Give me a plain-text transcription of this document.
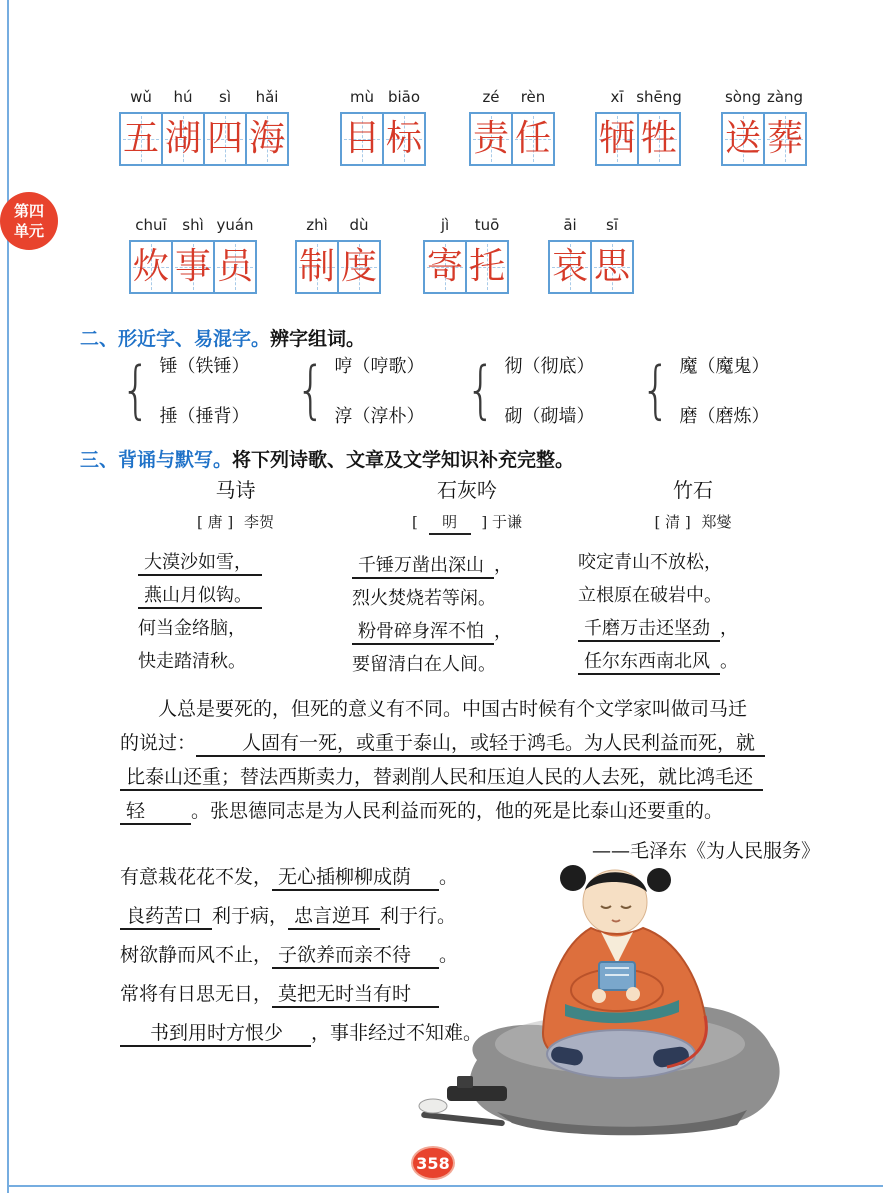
第四
单元
wǔ
五
hú
湖
sì
四
hǎi
海
mù
目
biāo
标
zé
责
rèn
任
xī
牺
shēng
牲
sòng
送
zàng
葬
chuī
炊
shì
事
yuán
员
zhì
制
dù
度
jì
寄
tuō
托
āi
哀
sī
思
二、形近字、易混字。辨字组词。
{ 锤（铁锤）
捶（捶背） { 哼（哼歌）
淳（淳朴） { 彻（彻底）
砌（砌墙） { 魔（魔鬼）
磨（磨炼）
三、背诵与默写。将下列诗歌、文章及文学知识补充完整。
马诗
[ 唐 ] 李贺
大漠沙如雪，
燕山月似钩。
何当金络脑，
快走踏清秋。
石灰吟
[ 明 ] 于谦
千锤万凿出深山 ，
烈火焚烧若等闲。
粉骨碎身浑不怕 ，
要留清白在人间。
竹石
[ 清 ] 郑燮
咬定青山不放松，
立根原在破岩中。
千磨万击还坚劲 ，
任尔东西南北风 。
人总是要死的，但死的意义有不同。中国古时候有个文学家叫做司马迁
的说过： 人固有一死，或重于泰山，或轻于鸿毛。为人民利益而死，就
比泰山还重；替法西斯卖力，替剥削人民和压迫人民的人去死，就比鸿毛还
轻 。张思德同志是为人民利益而死的，他的死是比泰山还要重的。
——毛泽东《为人民服务》
有意栽花花不发， 无心插柳柳成荫 。
良药苦口 利于病， 忠言逆耳 利于行。
树欲静而风不止， 子欲养而亲不待 。
常将有日思无日， 莫把无时当有时
书到用时方恨少 ，事非经过不知难。
358
